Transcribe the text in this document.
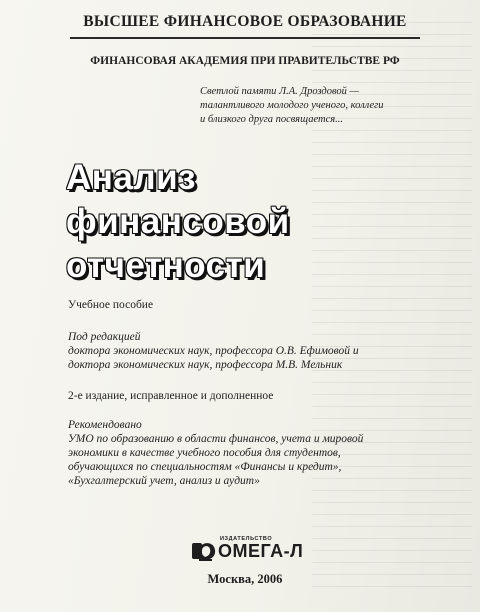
ВЫСШЕЕ ФИНАНСОВОЕ ОБРАЗОВАНИЕ
ФИНАНСОВАЯ АКАДЕМИЯ ПРИ ПРАВИТЕЛЬСТВЕ РФ
Светлой памяти Л.А. Дроздовой —
талантливого молодого ученого, коллеги
и близкого друга посвящается...
Анализ
финансовой
отчетности
Учебное пособие
Под редакцией
доктора экономических наук, профессора О.В. Ефимовой и
доктора экономических наук, профессора М.В. Мельник
2-е издание, исправленное и дополненное
Рекомендовано
УМО по образованию в области финансов, учета и мировой
экономики в качестве учебного пособия для студентов,
обучающихся по специальностям «Финансы и кредит»,
«Бухгалтерский учет, анализ и аудит»
ИЗДАТЕЛЬСТВО
ОМЕГА-Л
Москва, 2006
